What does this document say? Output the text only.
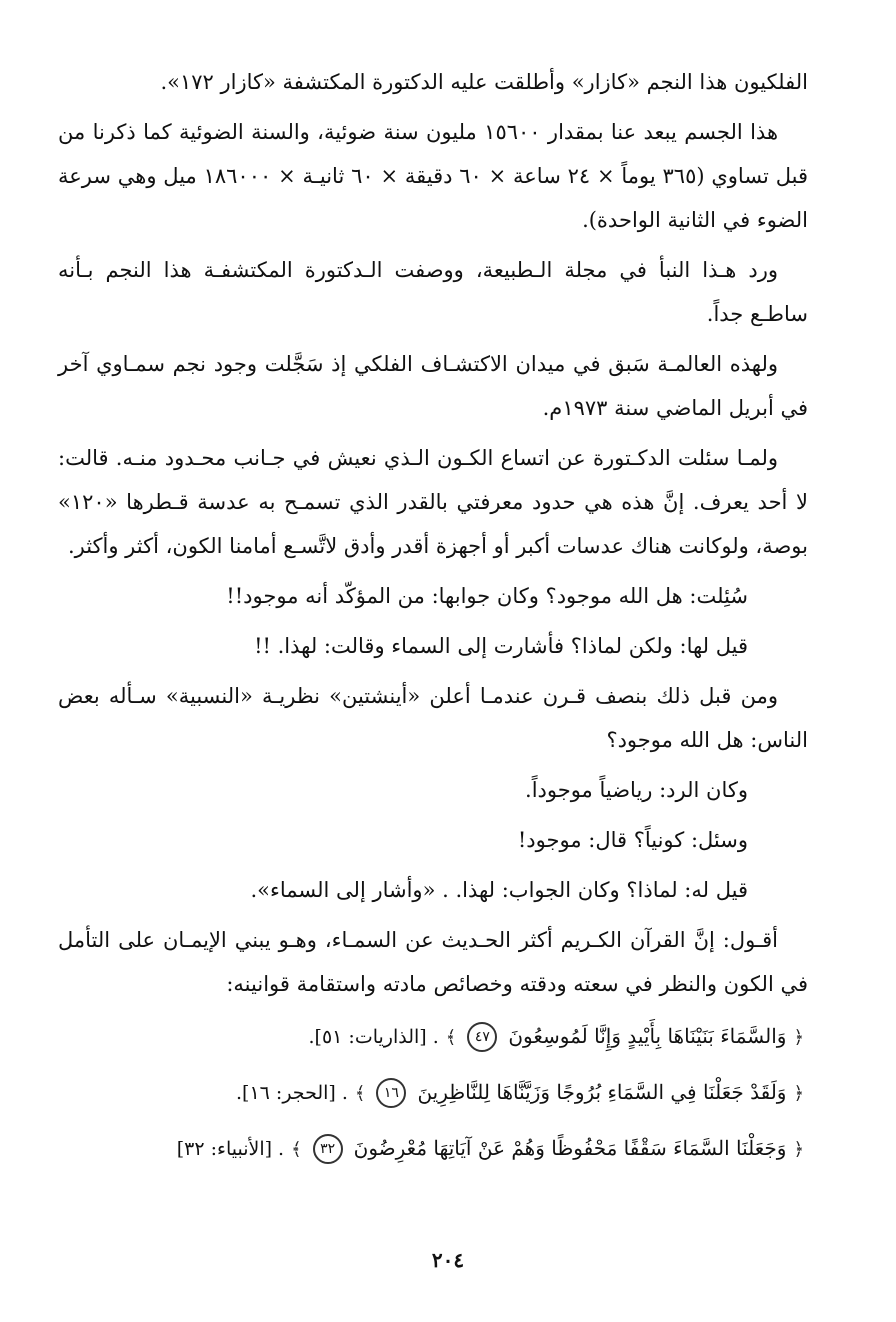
الفلكيون هذا النجم «كازار» وأطلقت عليه الدكتورة المكتشفة «كازار ١٧٢».

هذا الجسم يبعد عنا بمقدار ١٥٦٠٠ مليون سنة ضوئية، والسنة الضوئية كما ذكرنا من قبل تساوي (٣٦٥ يوماً × ٢٤ ساعة × ٦٠ دقيقة × ٦٠ ثانيـة × ١٨٦٠٠٠ ميل وهي سرعة الضوء في الثانية الواحدة).

ورد هـذا النبأ في مجلة الـطبيعة، ووصفت الـدكتورة المكتشفـة هذا النجم بـأنه ساطـع جداً.

ولهذه العالمـة سَبق في ميدان الاكتشـاف الفلكي إذ سَجَّلت وجود نجم سمـاوي آخر في أبريل الماضي سنة ١٩٧٣م.

ولمـا سئلت الدكـتورة عن اتساع الكـون الـذي نعيش في جـانب محـدود منـه. قالت: لا أحد يعرف. إنَّ هذه هي حدود معرفتي بالقدر الذي تسمـح به عدسة قـطرها «١٢٠» بوصة، ولوكانت هناك عدسات أكبر أو أجهزة أقدر وأدق لاتَّسـع أمامنا الكون، أكثر وأكثر.

سُئِلت: هل الله موجود؟ وكان جوابها: من المؤكّد أنه موجود!!

قيل لها: ولكن لماذا؟ فأشارت إلى السماء وقالت: لهذا. !!

ومن قبل ذلك بنصف قـرن عندمـا أعلن «أينشتين» نظريـة «النسبية» سـأله بعض الناس: هل الله موجود؟

وكان الرد: رياضياً موجوداً.

وسئل: كونياً؟ قال: موجود!

قيل له: لماذا؟ وكان الجواب: لهذا. . «وأشار إلى السماء».

أقـول: إنَّ القرآن الكـريم أكثر الحـديث عن السمـاء، وهـو يبني الإيمـان على التأمل في الكون والنظر في سعته ودقته وخصائص مادته واستقامة قوانينه:

﴿ وَالسَّمَاءَ بَنَيْنَاهَا بِأَيْيدٍ وَإِنَّا لَمُوسِعُونَ ٤٧ ﴾ . [الذاريات: ٥١].
﴿ وَلَقَدْ جَعَلْنَا فِي السَّمَاءِ بُرُوجًا وَزَيَّنَّاهَا لِلنَّاظِرِينَ ١٦ ﴾ . [الحجر: ١٦].
﴿ وَجَعَلْنَا السَّمَاءَ سَقْفًا مَحْفُوظًا وَهُمْ عَنْ آيَاتِهَا مُعْرِضُونَ ٣٢ ﴾ . [الأنبياء: ٣٢]
٢٠٤
